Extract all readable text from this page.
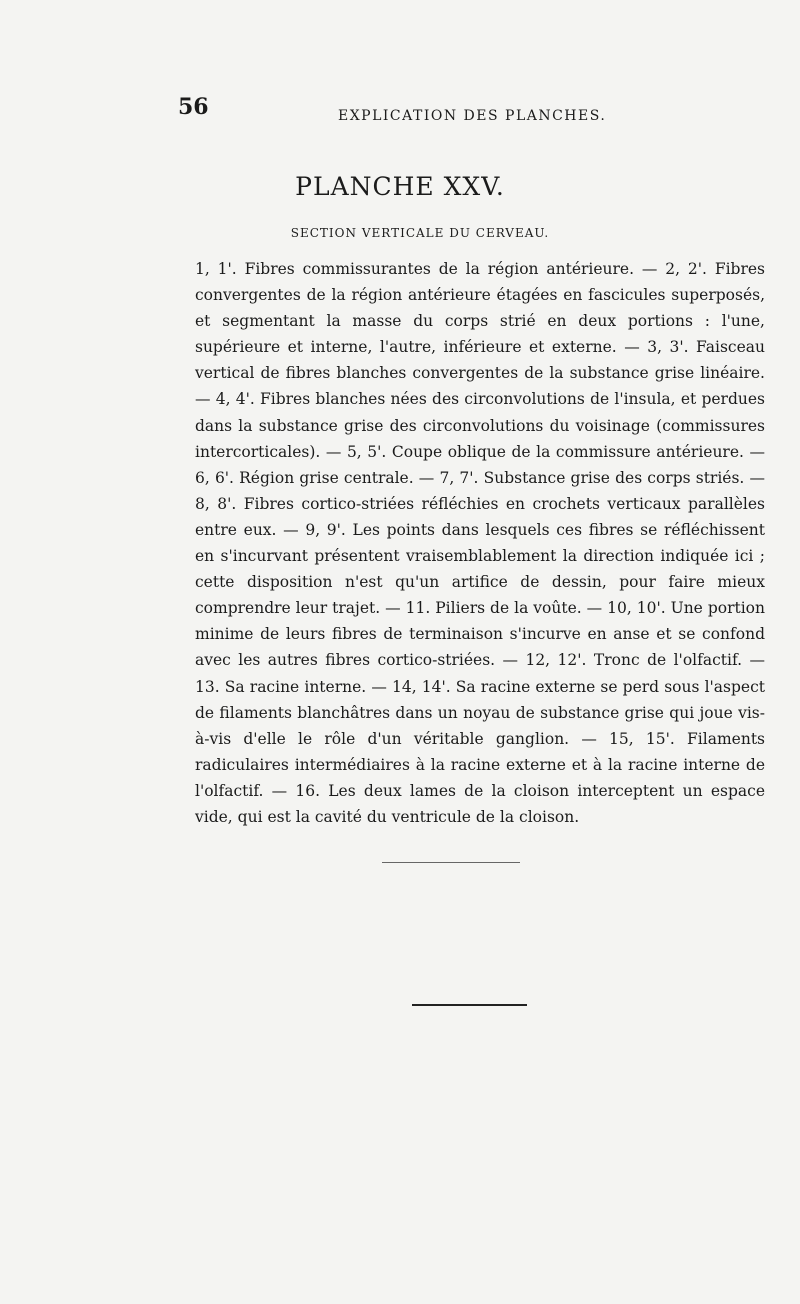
56	EXPLICATION DES PLANCHES.
PLANCHE XXV.
SECTION VERTICALE DU CERVEAU.

1, 1'. Fibres commissurantes de la région antérieure. — 2, 2'. Fibres convergentes de la région antérieure étagées en fascicules superposés, et segmentant la masse du corps strié en deux portions : l'une, supérieure et interne, l'autre, inférieure et externe. — 3, 3'. Faisceau vertical de fibres blanches convergentes de la substance grise linéaire. — 4, 4'. Fibres blanches nées des circonvolutions de l'insula, et perdues dans la substance grise des circonvolutions du voisinage (commissures intercorticales). — 5, 5'. Coupe oblique de la commissure antérieure. — 6, 6'. Région grise centrale. — 7, 7'. Substance grise des corps striés. — 8, 8'. Fibres cortico-striées réfléchies en crochets verticaux parallèles entre eux. — 9, 9'. Les points dans lesquels ces fibres se réfléchissent en s'incurvant présentent vraisemblablement la direction indiquée ici ; cette disposition n'est qu'un artifice de dessin, pour faire mieux comprendre leur trajet. — 11. Piliers de la voûte. — 10, 10'. Une portion minime de leurs fibres de terminaison s'incurve en anse et se confond avec les autres fibres cortico-striées. — 12, 12'. Tronc de l'olfactif. — 13. Sa racine interne. — 14, 14'. Sa racine externe se perd sous l'aspect de filaments blanchâtres dans un noyau de substance grise qui joue vis-à-vis d'elle le rôle d'un véritable ganglion. — 15, 15'. Filaments radiculaires intermédiaires à la racine externe et à la racine interne de l'olfactif. — 16. Les deux lames de la cloison interceptent un espace vide, qui est la cavité du ventricule de la cloison.
